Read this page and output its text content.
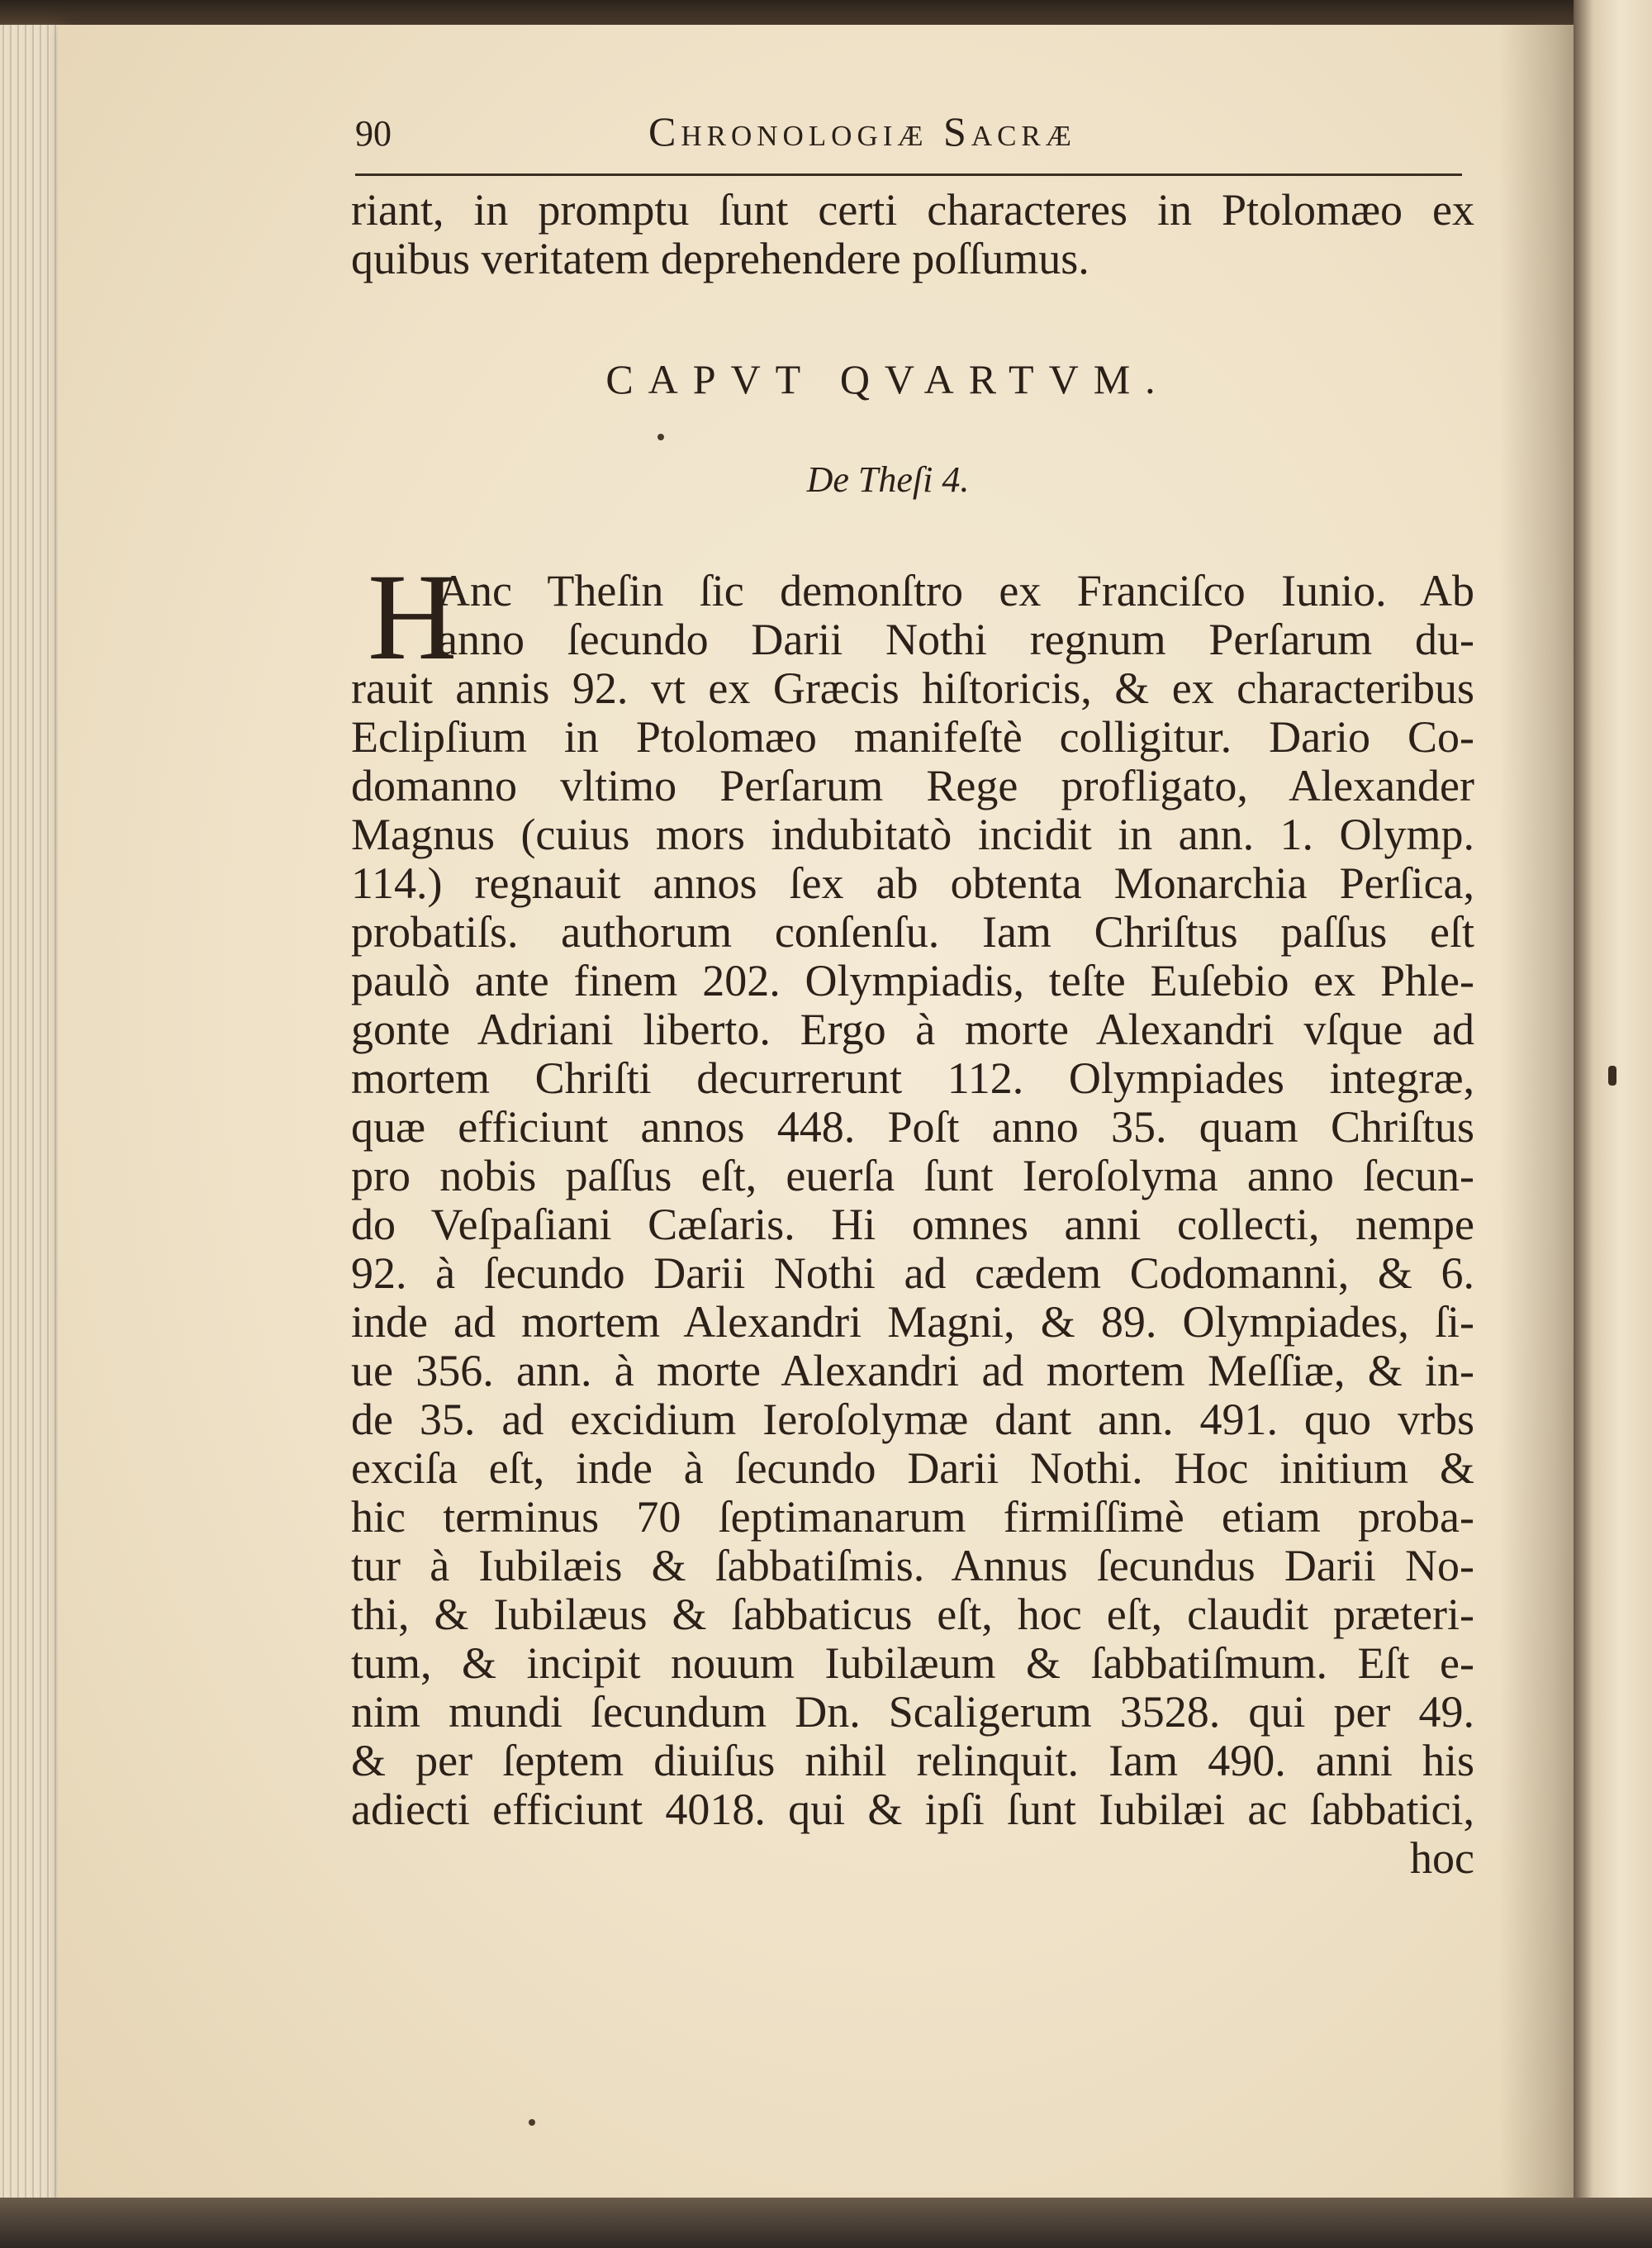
90	Chronologiæ Sacræ
riant, in promptu ſunt certi characteres in Ptolomæo ex
quibus veritatem deprehendere poſſumus.
CAPVT QVARTVM.
De Theſi 4.
H
Anc Theſin ſic demonſtro ex Franciſco Iunio. Ab
anno ſecundo Darii Nothi regnum Perſarum du-
rauit annis 92. vt ex Græcis hiſtoricis, & ex characteribus
Eclipſium in Ptolomæo manifeſtè colligitur. Dario Co-
domanno vltimo Perſarum Rege profligato, Alexander
Magnus (cuius mors indubitatò incidit in ann. 1. Olymp.
114.) regnauit annos ſex ab obtenta Monarchia Perſica,
probatiſs. authorum conſenſu. Iam Chriſtus paſſus eſt
paulò ante finem 202. Olympiadis, teſte Euſebio ex Phle-
gonte Adriani liberto. Ergo à morte Alexandri vſque ad
mortem Chriſti decurrerunt 112. Olympiades integræ,
quæ efficiunt annos 448. Poſt anno 35. quam Chriſtus
pro nobis paſſus eſt, euerſa ſunt Ieroſolyma anno ſecun-
do Veſpaſiani Cæſaris. Hi omnes anni collecti, nempe
92. à ſecundo Darii Nothi ad cædem Codomanni, & 6.
inde ad mortem Alexandri Magni, & 89. Olympiades, ſi-
ue 356. ann. à morte Alexandri ad mortem Meſſiæ, & in-
de 35. ad excidium Ieroſolymæ dant ann. 491. quo vrbs
exciſa eſt, inde à ſecundo Darii Nothi. Hoc initium &
hic terminus 70 ſeptimanarum firmiſſimè etiam proba-
tur à Iubilæis & ſabbatiſmis. Annus ſecundus Darii No-
thi, & Iubilæus & ſabbaticus eſt, hoc eſt, claudit præteri-
tum, & incipit nouum Iubilæum & ſabbatiſmum. Eſt e-
nim mundi ſecundum Dn. Scaligerum 3528. qui per 49.
& per ſeptem diuiſus nihil relinquit. Iam 490. anni his
adiecti efficiunt 4018. qui & ipſi ſunt Iubilæi ac ſabbatici,
hoc
